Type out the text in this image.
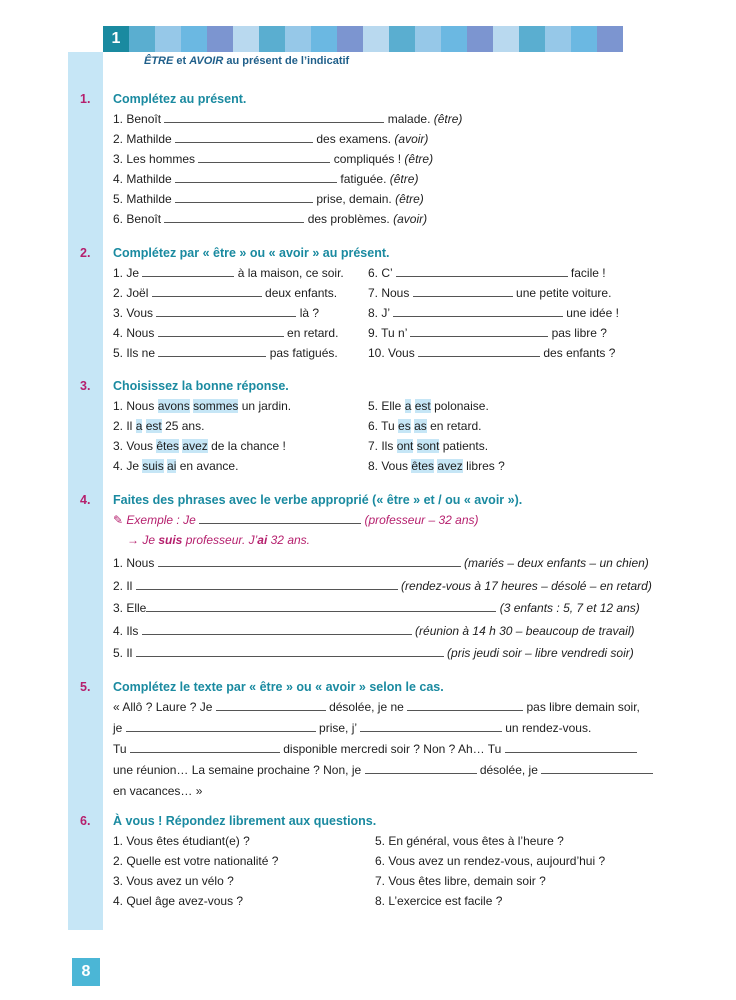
1
ÊTRE et AVOIR au présent de l’indicatif
1. Complétez au présent.
1. Benoît	malade. (être)
2. Mathilde	des examens. (avoir)
3. Les hommes	compliqués ! (être)
4. Mathilde	fatiguée. (être)
5. Mathilde	prise, demain. (être)
6. Benoît	des problèmes. (avoir)
2. Complétez par « être » ou « avoir » au présent.
1. Je	à la maison, ce soir.
2. Joël	deux enfants.
3. Vous	là ?
4. Nous	en retard.
5. Ils ne	pas fatigués.
6. C’	facile !
7. Nous	une petite voiture.
8. J’	une idée !
9. Tu n’	pas libre ?
10. Vous	des enfants ?
3. Choisissez la bonne réponse.
1. Nous avons sommes un jardin.
2. Il a est 25 ans.
3. Vous êtes avez de la chance !
4. Je suis ai en avance.
5. Elle a est polonaise.
6. Tu es as en retard.
7. Ils ont sont patients.
8. Vous êtes avez libres ?
4. Faites des phrases avec le verbe approprié (« être » et / ou « avoir »).
✎ Exemple : Je	(professeur – 32 ans)
→ Je suis professeur. J’ai 32 ans.
1. Nous	(mariés – deux enfants – un chien)
2. Il	(rendez-vous à 17 heures – désolé – en retard)
3. Elle	(3 enfants : 5, 7 et 12 ans)
4. Ils	(réunion à 14 h 30 – beaucoup de travail)
5. Il	(pris jeudi soir – libre vendredi soir)
5. Complétez le texte par « être » ou « avoir » selon le cas.
« Allô ? Laure ? Je	désolée, je ne	pas libre demain soir,
je	prise, j’	un rendez-vous.
Tu	disponible mercredi soir ? Non ? Ah… Tu
une réunion… La semaine prochaine ? Non, je	désolée, je
en vacances… »
6. À vous ! Répondez librement aux questions.
1. Vous êtes étudiant(e) ?
2. Quelle est votre nationalité ?
3. Vous avez un vélo ?
4. Quel âge avez-vous ?
5. En général, vous êtes à l’heure ?
6. Vous avez un rendez-vous, aujourd’hui ?
7. Vous êtes libre, demain soir ?
8. L’exercice est facile ?
8
